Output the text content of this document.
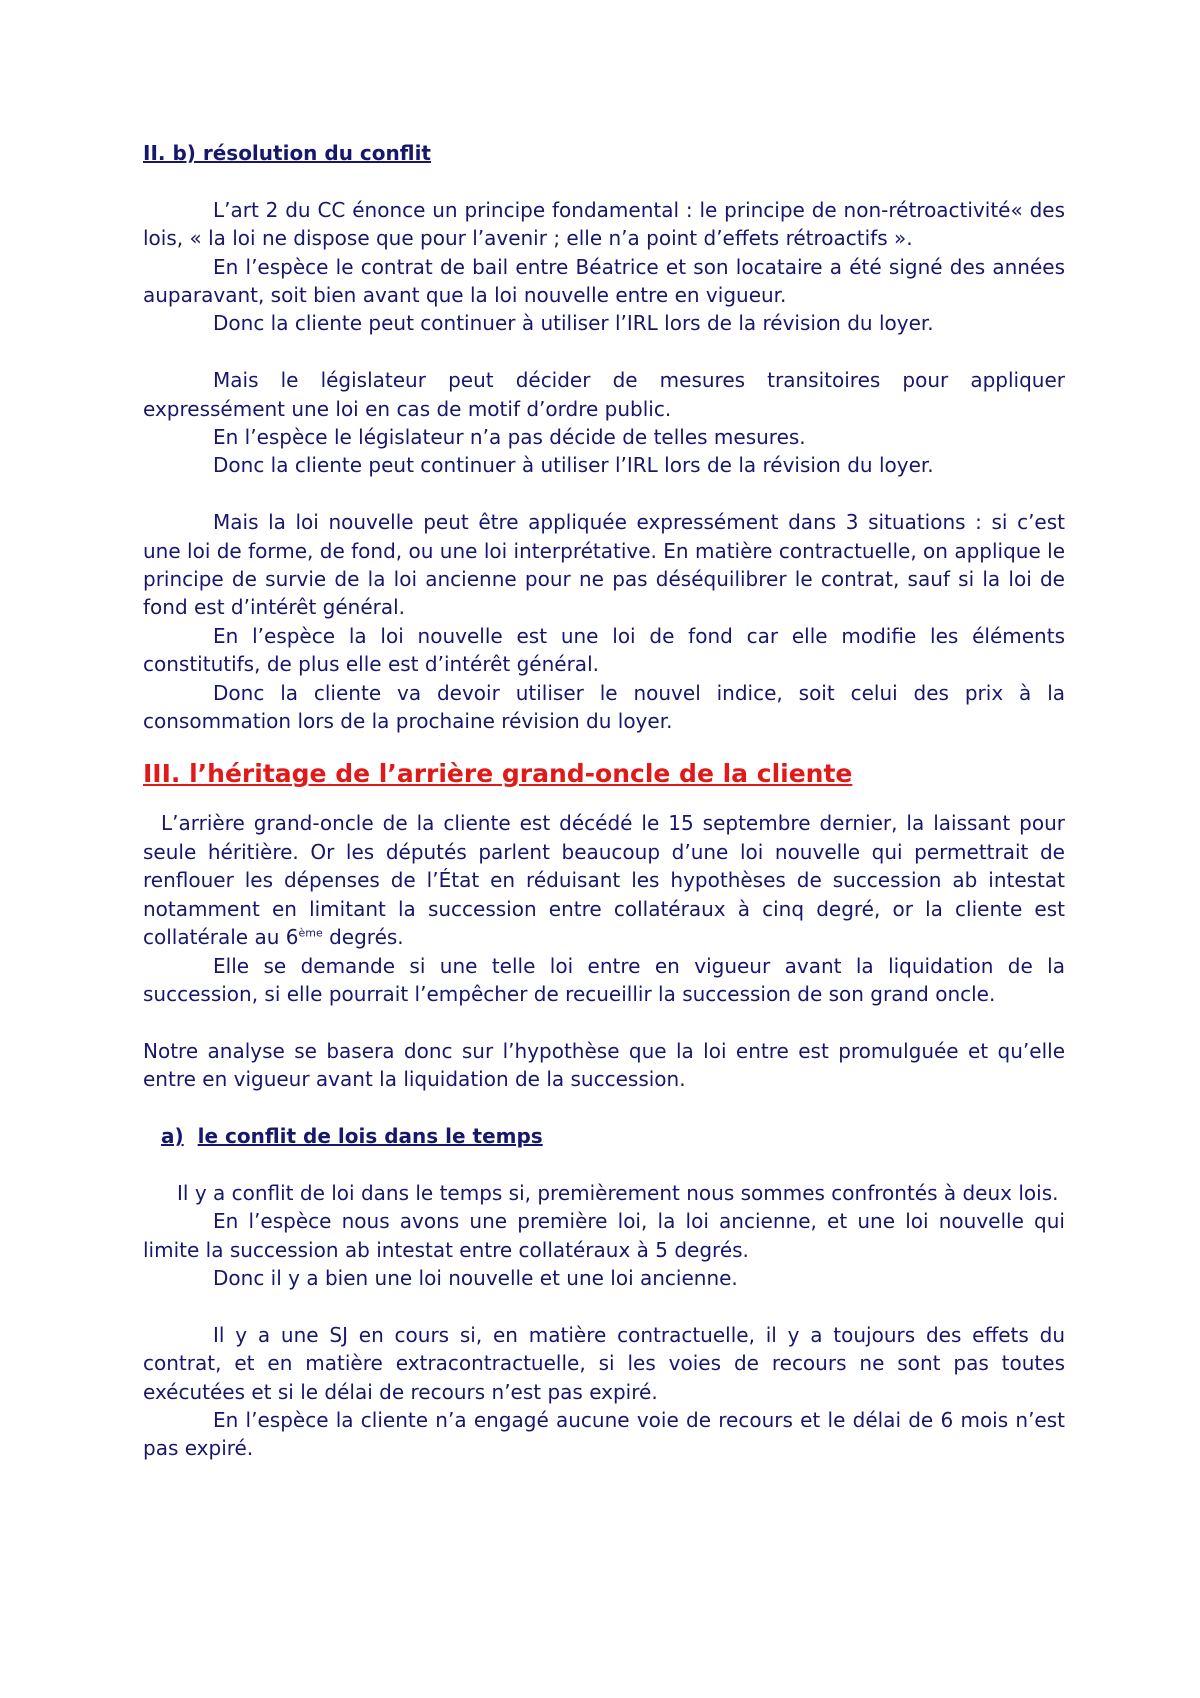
II. b) résolution du conflit

L’art 2 du CC énonce un principe fondamental : le principe de non-rétroactivité« des lois, « la loi ne dispose que pour l’avenir ; elle n’a point d’effets rétroactifs ».

En l’espèce le contrat de bail entre Béatrice et son locataire a été signé des années auparavant, soit bien avant que la loi nouvelle entre en vigueur.

Donc la cliente peut continuer à utiliser l’IRL lors de la révision du loyer.

Mais le législateur peut décider de mesures transitoires pour appliquer expressément une loi en cas de motif d’ordre public.

En l’espèce le législateur n’a pas décide de telles mesures.

Donc la cliente peut continuer à utiliser l’IRL lors de la révision du loyer.

Mais la loi nouvelle peut être appliquée expressément dans 3 situations : si c’est une loi de forme, de fond, ou une loi interprétative. En matière contractuelle, on applique le principe de survie de la loi ancienne pour ne pas déséquilibrer le contrat, sauf si la loi de fond est d’intérêt général.

En l’espèce la loi nouvelle est une loi de fond car elle modifie les éléments constitutifs, de plus elle est d’intérêt général.

Donc la cliente va devoir utiliser le nouvel indice, soit celui des prix à la consommation lors de la prochaine révision du loyer.

III. l’héritage de l’arrière grand-oncle de la cliente

L’arrière grand-oncle de la cliente est décédé le 15 septembre dernier, la laissant pour seule héritière. Or les députés parlent beaucoup d’une loi nouvelle qui permettrait de renflouer les dépenses de l’État en réduisant les hypothèses de succession ab intestat notamment en limitant la succession entre collatéraux à cinq degré, or la cliente est collatérale au 6ème degrés.

Elle se demande si une telle loi entre en vigueur avant la liquidation de la succession, si elle pourrait l’empêcher de recueillir la succession de son grand oncle.

Notre analyse se basera donc sur l’hypothèse que la loi entre est promulguée et qu’elle entre en vigueur avant la liquidation de la succession.

a) le conflit de lois dans le temps

Il y a conflit de loi dans le temps si, premièrement nous sommes confrontés à deux lois.

En l’espèce nous avons une première loi, la loi ancienne, et une loi nouvelle qui limite la succession ab intestat entre collatéraux à 5 degrés.

Donc il y a bien une loi nouvelle et une loi ancienne.

Il y a une SJ en cours si, en matière contractuelle, il y a toujours des effets du contrat, et en matière extracontractuelle, si les voies de recours ne sont pas toutes exécutées et si le délai de recours n’est pas expiré.

En l’espèce la cliente n’a engagé aucune voie de recours et le délai de 6 mois n’est pas expiré.
